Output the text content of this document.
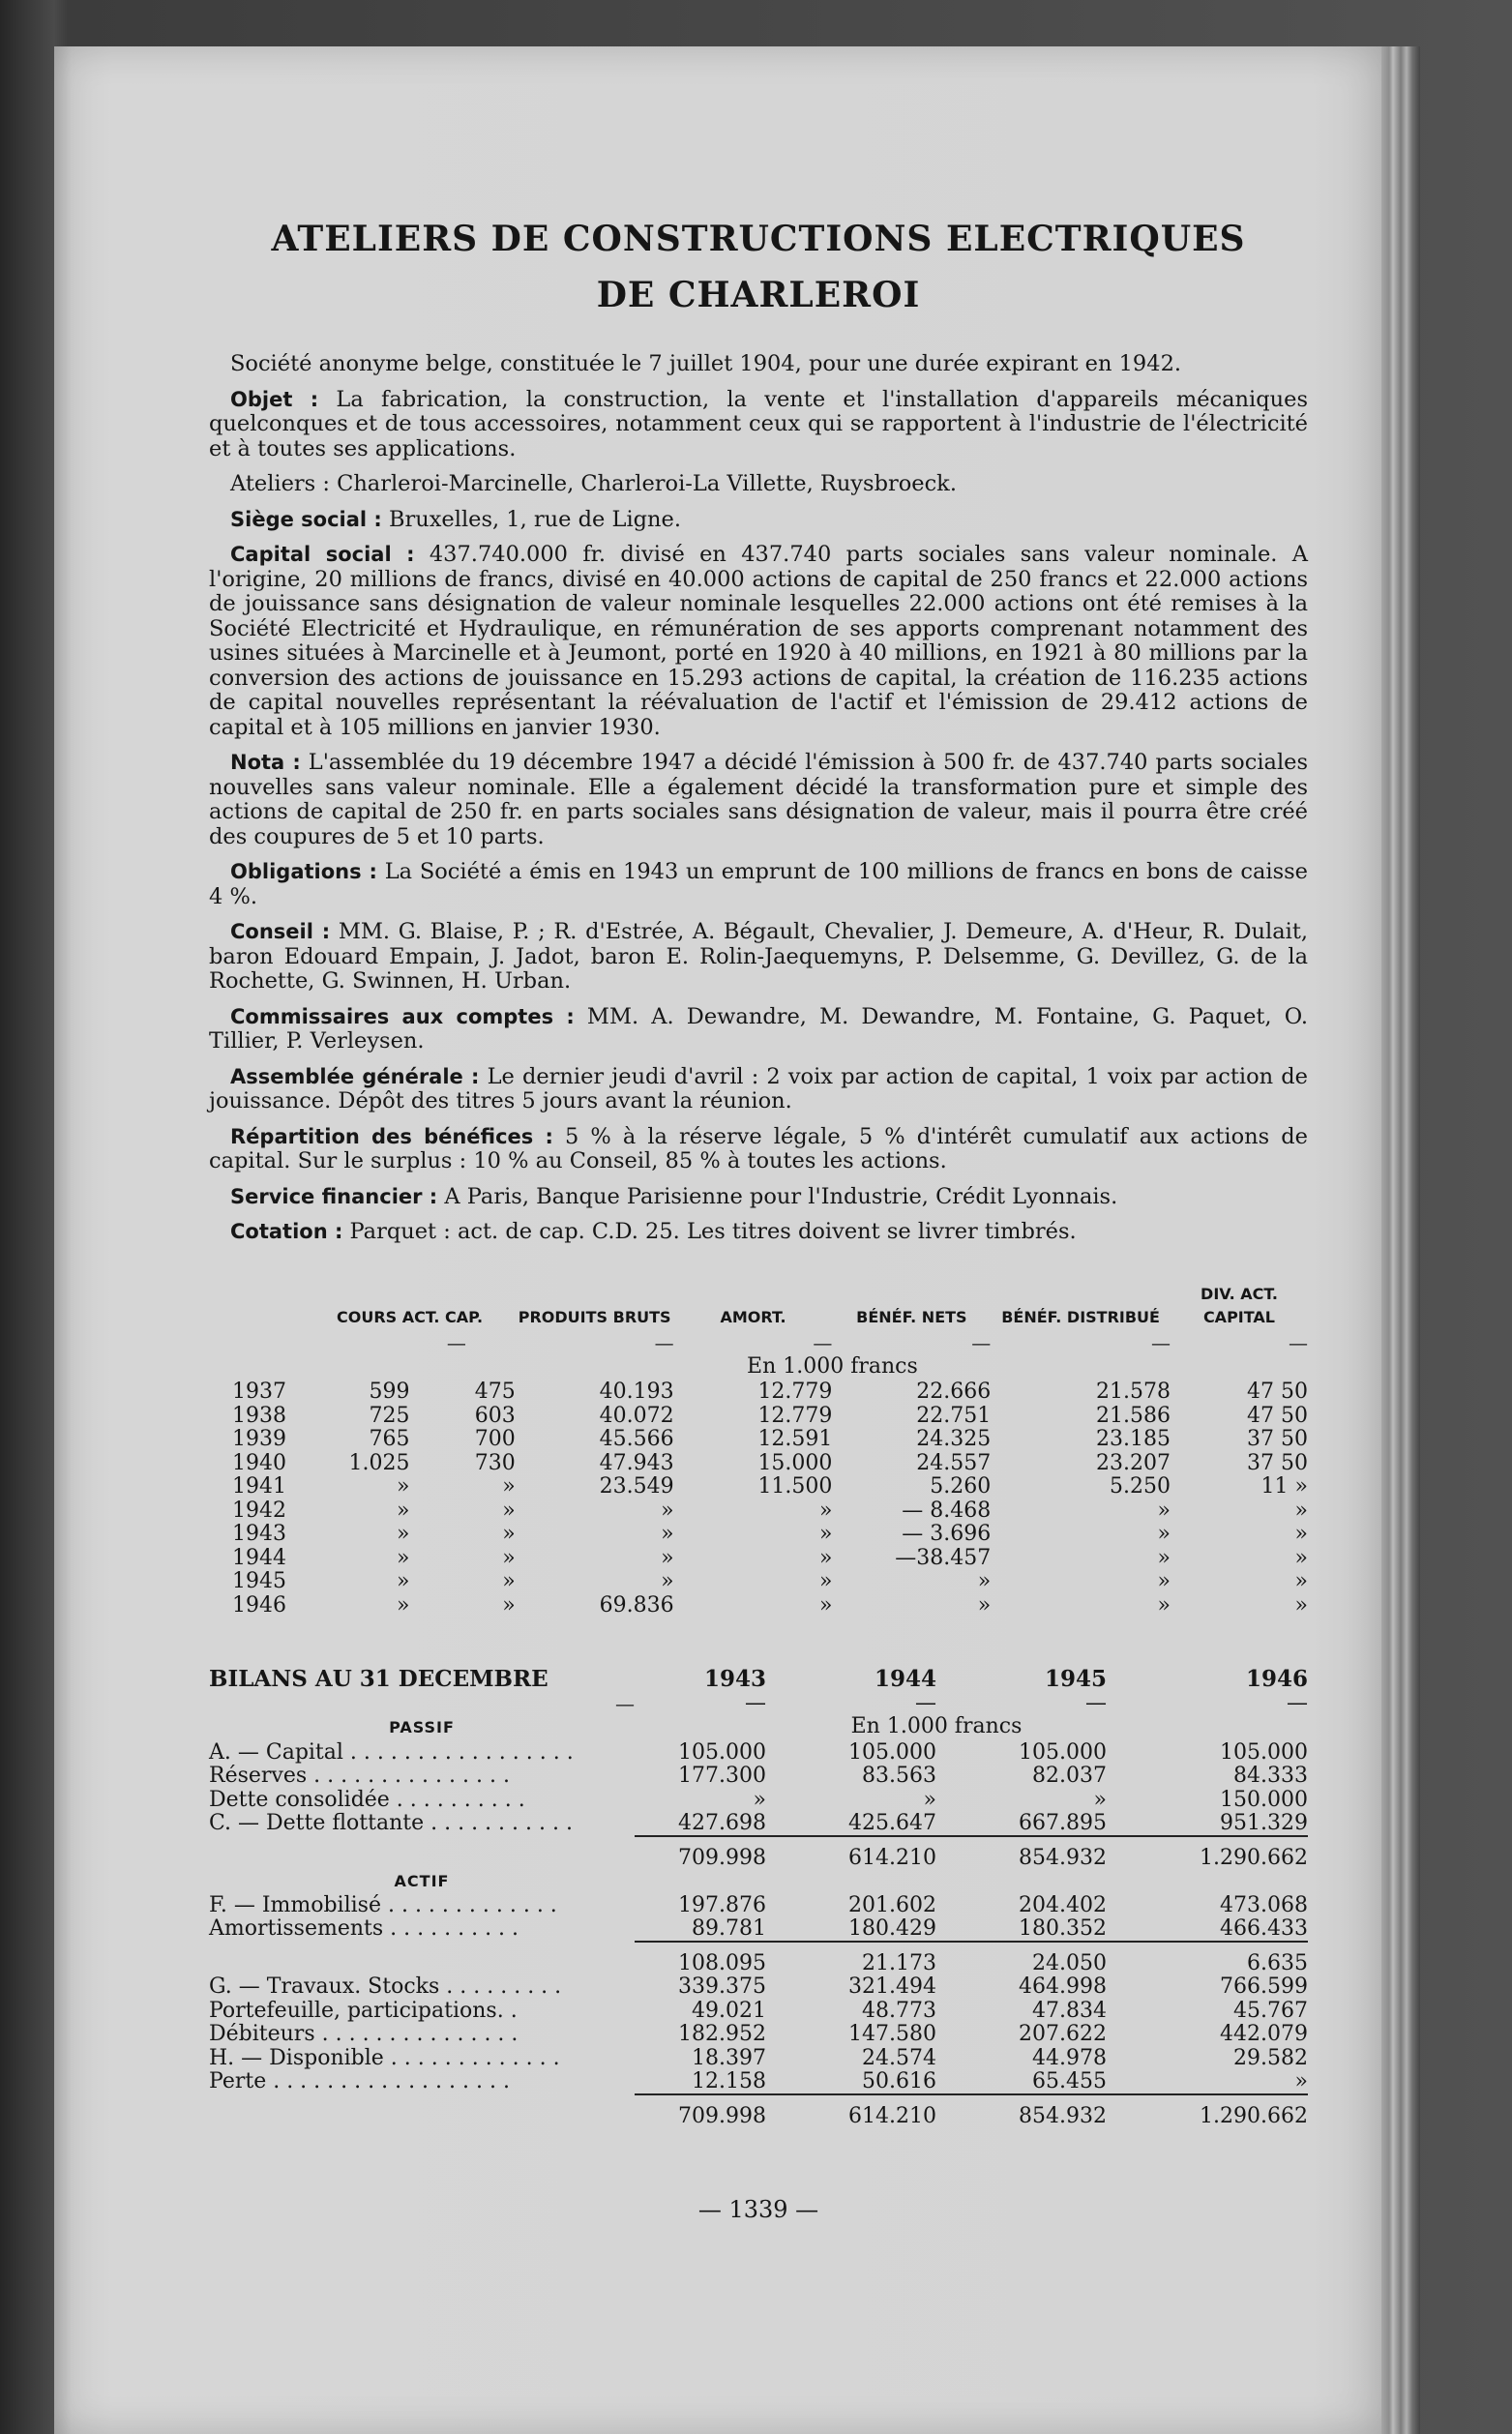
ATELIERS DE CONSTRUCTIONS ELECTRIQUES
DE CHARLEROI

Société anonyme belge, constituée le 7 juillet 1904, pour une durée expirant en 1942.

Objet : La fabrication, la construction, la vente et l'installation d'appareils mécaniques quelconques et de tous accessoires, notamment ceux qui se rapportent à l'industrie de l'électricité et à toutes ses applications.

Ateliers : Charleroi-Marcinelle, Charleroi-La Villette, Ruysbroeck.

Siège social : Bruxelles, 1, rue de Ligne.

Capital social : 437.740.000 fr. divisé en 437.740 parts sociales sans valeur nominale. A l'origine, 20 millions de francs, divisé en 40.000 actions de capital de 250 francs et 22.000 actions de jouissance sans désignation de valeur nominale lesquelles 22.000 actions ont été remises à la Société Electricité et Hydraulique, en rémunération de ses apports comprenant notamment des usines situées à Marcinelle et à Jeumont, porté en 1920 à 40 millions, en 1921 à 80 millions par la conversion des actions de jouissance en 15.293 actions de capital, la création de 116.235 actions de capital nouvelles représentant la réévaluation de l'actif et l'émission de 29.412 actions de capital et à 105 millions en janvier 1930.

Nota : L'assemblée du 19 décembre 1947 a décidé l'émission à 500 fr. de 437.740 parts sociales nouvelles sans valeur nominale. Elle a également décidé la transformation pure et simple des actions de capital de 250 fr. en parts sociales sans désignation de valeur, mais il pourra être créé des coupures de 5 et 10 parts.

Obligations : La Société a émis en 1943 un emprunt de 100 millions de francs en bons de caisse 4 %.

Conseil : MM. G. Blaise, P. ; R. d'Estrée, A. Bégault, Chevalier, J. Demeure, A. d'Heur, R. Dulait, baron Edouard Empain, J. Jadot, baron E. Rolin-Jaequemyns, P. Delsemme, G. Devillez, G. de la Rochette, G. Swinnen, H. Urban.

Commissaires aux comptes : MM. A. Dewandre, M. Dewandre, M. Fontaine, G. Paquet, O. Tillier, P. Verleysen.

Assemblée générale : Le dernier jeudi d'avril : 2 voix par action de capital, 1 voix par action de jouissance. Dépôt des titres 5 jours avant la réunion.

Répartition des bénéfices : 5 % à la réserve légale, 5 % d'intérêt cumulatif aux actions de capital. Sur le surplus : 10 % au Conseil, 85 % à toutes les actions.

Service financier : A Paris, Banque Parisienne pour l'Industrie, Crédit Lyonnais.

Cotation : Parquet : act. de cap. C.D. 25. Les titres doivent se livrer timbrés.

	COURS ACT. CAP.		PRODUITS BRUTS	AMORT.	BÉNÉF. NETS	BÉNÉF. DISTRIBUÉ	DIV. ACT. CAPITAL
	—		—	—	—	—	—
				En 1.000 francs			
1937	599	475	40.193	12.779	22.666	21.578	47 50
1938	725	603	40.072	12.779	22.751	21.586	47 50
1939	765	700	45.566	12.591	24.325	23.185	37 50
1940	1.025	730	47.943	15.000	24.557	23.207	37 50
1941	»	»	23.549	11.500	5.260	5.250	11 »
1942	»	»	»	»	— 8.468	»	»
1943	»	»	»	»	— 3.696	»	»
1944	»	»	»	»	—38.457	»	»
1945	»	»	»	»	»	»	»
1946	»	»	69.836	»	»	»	»
BILANS AU 31 DECEMBRE	1943	1944	1945	1946
—	—	—	—	—
PASSIF		En 1.000 francs		
A. — Capital . . . . . . . . . . . . . . . . .	105.000	105.000	105.000	105.000
Réserves . . . . . . . . . . . . . . .	177.300	83.563	82.037	84.333
Dette consolidée . . . . . . . . . .	»	»	»	150.000
C. — Dette flottante . . . . . . . . . . .	427.698	425.647	667.895	951.329

	709.998	614.210	854.932	1.290.662

ACTIF				
F. — Immobilisé . . . . . . . . . . . . .	197.876	201.602	204.402	473.068
Amortissements . . . . . . . . . .	89.781	180.429	180.352	466.433

	108.095	21.173	24.050	6.635
G. — Travaux. Stocks . . . . . . . . .	339.375	321.494	464.998	766.599
Portefeuille, participations. .	49.021	48.773	47.834	45.767
Débiteurs . . . . . . . . . . . . . . .	182.952	147.580	207.622	442.079
H. — Disponible . . . . . . . . . . . . .	18.397	24.574	44.978	29.582
Perte . . . . . . . . . . . . . . . . . .	12.158	50.616	65.455	»

	709.998	614.210	854.932	1.290.662
— 1339 —
